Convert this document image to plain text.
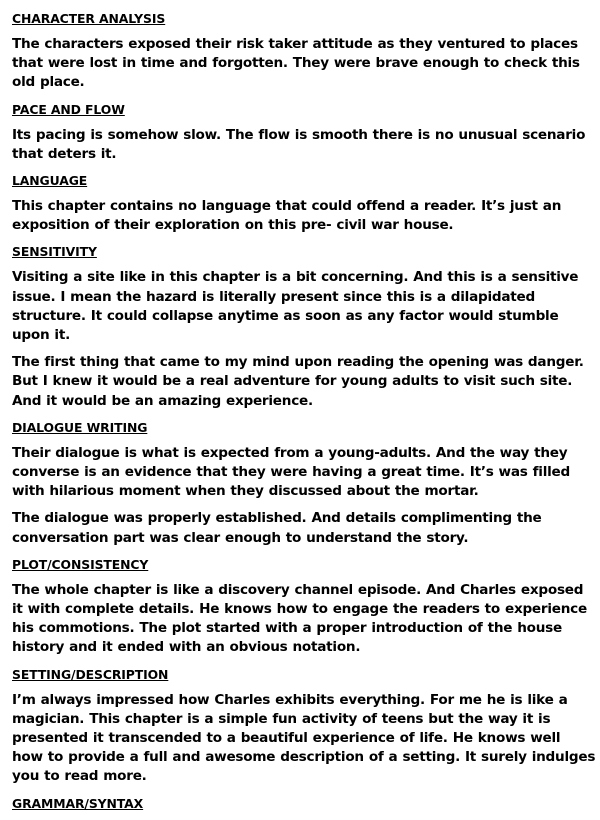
CHARACTER ANALYSIS
The characters exposed their risk taker attitude as they ventured to places that were lost in time and forgotten. They were brave enough to check this old place.
PACE AND FLOW
Its pacing is somehow slow. The flow is smooth there is no unusual scenario that deters it.
LANGUAGE
This chapter contains no language that could offend a reader. It’s just an exposition of their exploration on this pre- civil war house.
SENSITIVITY
Visiting a site like in this chapter is a bit concerning. And this is a sensitive issue. I mean the hazard is literally present since this is a dilapidated structure. It could collapse anytime as soon as any factor would stumble upon it.
The first thing that came to my mind upon reading the opening was danger. But I knew it would be a real adventure for young adults to visit such site. And it would be an amazing experience.
DIALOGUE WRITING
Their dialogue is what is expected from a young-adults. And the way they converse is an evidence that they were having a great time. It’s was filled with hilarious moment when they discussed about the mortar.
The dialogue was properly established. And details complimenting the conversation part was clear enough to understand the story.
PLOT/CONSISTENCY
The whole chapter is like a discovery channel episode. And Charles exposed it with complete details. He knows how to engage the readers to experience his commotions. The plot started with a proper introduction of the house history and it ended with an obvious notation.
SETTING/DESCRIPTION
I’m always impressed how Charles exhibits everything. For me he is like a magician. This chapter is a simple fun activity of teens but the way it is presented it transcended to a beautiful experience of life. He knows well how to provide a full and awesome description of a setting. It surely indulges you to read more.
GRAMMAR/SYNTAX
